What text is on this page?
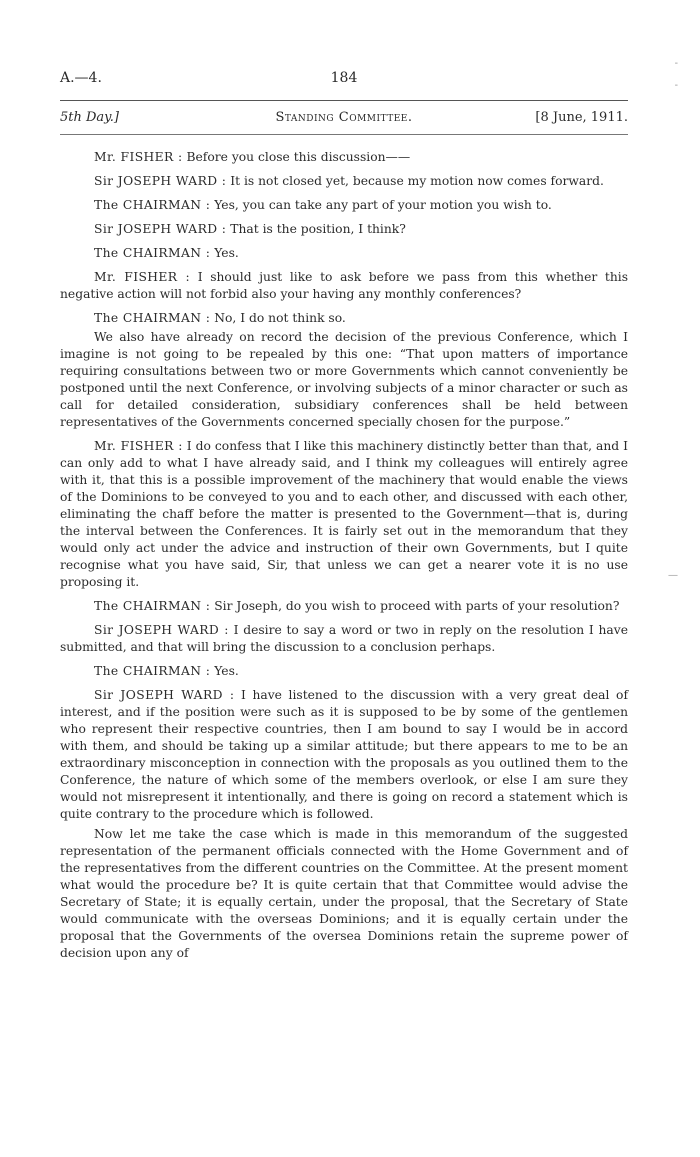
A.—4.	184
5th Day.]	Standing Committee.	[8 June, 1911.

Mr. FISHER : Before you close this discussion——

Sir JOSEPH WARD : It is not closed yet, because my motion now comes forward.

The CHAIRMAN : Yes, you can take any part of your motion you wish to.

Sir JOSEPH WARD : That is the position, I think?

The CHAIRMAN : Yes.

Mr. FISHER : I should just like to ask before we pass from this whether this negative action will not forbid also your having any monthly conferences?

The CHAIRMAN : No, I do not think so.

We also have already on record the decision of the previous Conference, which I imagine is not going to be repealed by this one: “That upon matters of importance requiring consultations between two or more Governments which cannot conveniently be postponed until the next Conference, or involving subjects of a minor character or such as call for detailed consideration, subsidiary conferences shall be held between representatives of the Governments concerned specially chosen for the purpose.”

Mr. FISHER : I do confess that I like this machinery distinctly better than that, and I can only add to what I have already said, and I think my colleagues will entirely agree with it, that this is a possible improvement of the machinery that would enable the views of the Dominions to be conveyed to you and to each other, and discussed with each other, eliminating the chaff before the matter is presented to the Government—that is, during the interval between the Conferences. It is fairly set out in the memorandum that they would only act under the advice and instruction of their own Governments, but I quite recognise what you have said, Sir, that unless we can get a nearer vote it is no use proposing it.

The CHAIRMAN : Sir Joseph, do you wish to proceed with parts of your resolution?

Sir JOSEPH WARD : I desire to say a word or two in reply on the resolution I have submitted, and that will bring the discussion to a conclusion perhaps.

The CHAIRMAN : Yes.

Sir JOSEPH WARD : I have listened to the discussion with a very great deal of interest, and if the position were such as it is supposed to be by some of the gentlemen who represent their respective countries, then I am bound to say I would be in accord with them, and should be taking up a similar attitude; but there appears to me to be an extraordinary misconception in connection with the proposals as you outlined them to the Conference, the nature of which some of the members overlook, or else I am sure they would not misrepresent it intentionally, and there is going on record a statement which is quite contrary to the procedure which is followed.

Now let me take the case which is made in this memorandum of the suggested representation of the permanent officials connected with the Home Government and of the representatives from the different countries on the Committee. At the present moment what would the procedure be? It is quite certain that that Committee would advise the Secretary of State; it is equally certain, under the proposal, that the Secretary of State would communicate with the overseas Dominions; and it is equally certain under the proposal that the Governments of the oversea Dominions retain the supreme power of decision upon any of

-
-
—
